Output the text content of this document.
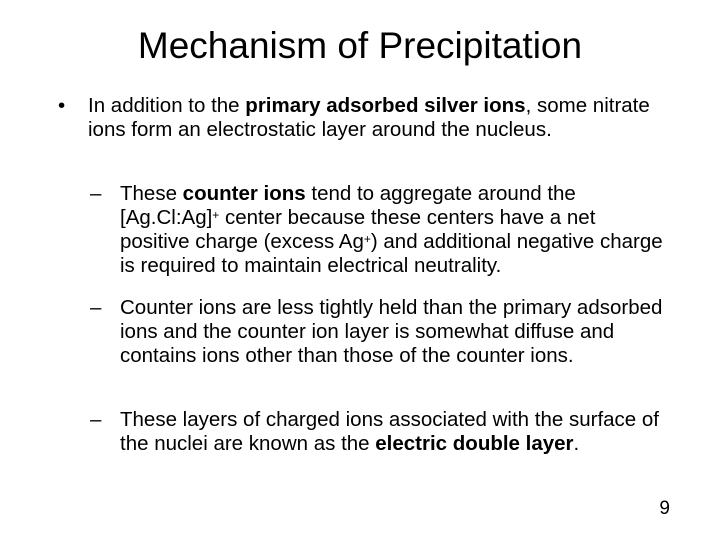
Mechanism of Precipitation
• In addition to the primary adsorbed silver ions, some nitrate ions form an electrostatic layer around the nucleus.
– These counter ions tend to aggregate around the [Ag.Cl:Ag]+ center because these centers have a net positive charge (excess Ag+) and additional negative charge is required to maintain electrical neutrality.
– Counter ions are less tightly held than the primary adsorbed ions and the counter ion layer is somewhat diffuse and contains ions other than those of the counter ions.
– These layers of charged ions associated with the surface of the nuclei are known as the electric double layer.
9
